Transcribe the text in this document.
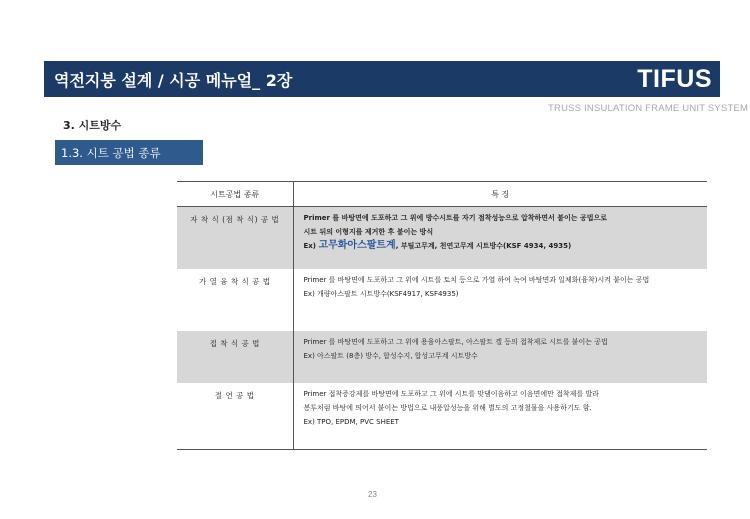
역전지붕 설계 / 시공 메뉴얼_ 2장	TIFUS
TRUSS INSULATION FRAME UNIT SYSTEM
3. 시트방수
1.3. 시트 공법 종류
시트공법 종류	특 징
자 착 식 (점 착 식) 공 법	Primer 를 바탕면에 도포하고 그 위에 방수시트를 자기 점착성능으로 압착하면서 붙이는 공법으로
시트 뒤의 이형지를 제거한 후 붙이는 방식
Ex) 고무화아스팔트계, 부틸고무계, 천연고무계 시트방수(KSF 4934, 4935)

가 열 융 착 식 공 법	Primer 를 바탕면에 도포하고 그 위에 시트를 토치 등으로 가열 하여 녹여 바탕면과 일체화(융착)시켜 붙이는 공법
Ex) 개량아스팔트 시트방수(KSF4917, KSF4935)

접 착 식 공 법	Primer 를 바탕면에 도포하고 그 위에 용융아스팔트, 아스팔트 겔 등의 접착제로 시트를 붙이는 공법
Ex) 아스팔트 (8층) 방수, 합성수지, 합성고무계 시트방수

절 연 공 법	Primer 접착증강제를 바탕면에 도포하고 그 위에 시트를 맞댐이음하고 이음면에만 접착제를 발라
봉투처럼 바탕에 띄어서 붙이는 방법으로 내풍압성능을 위해 별도의 고정철물을 사용하기도 함.
Ex) TPO, EPDM, PVC SHEET
23
